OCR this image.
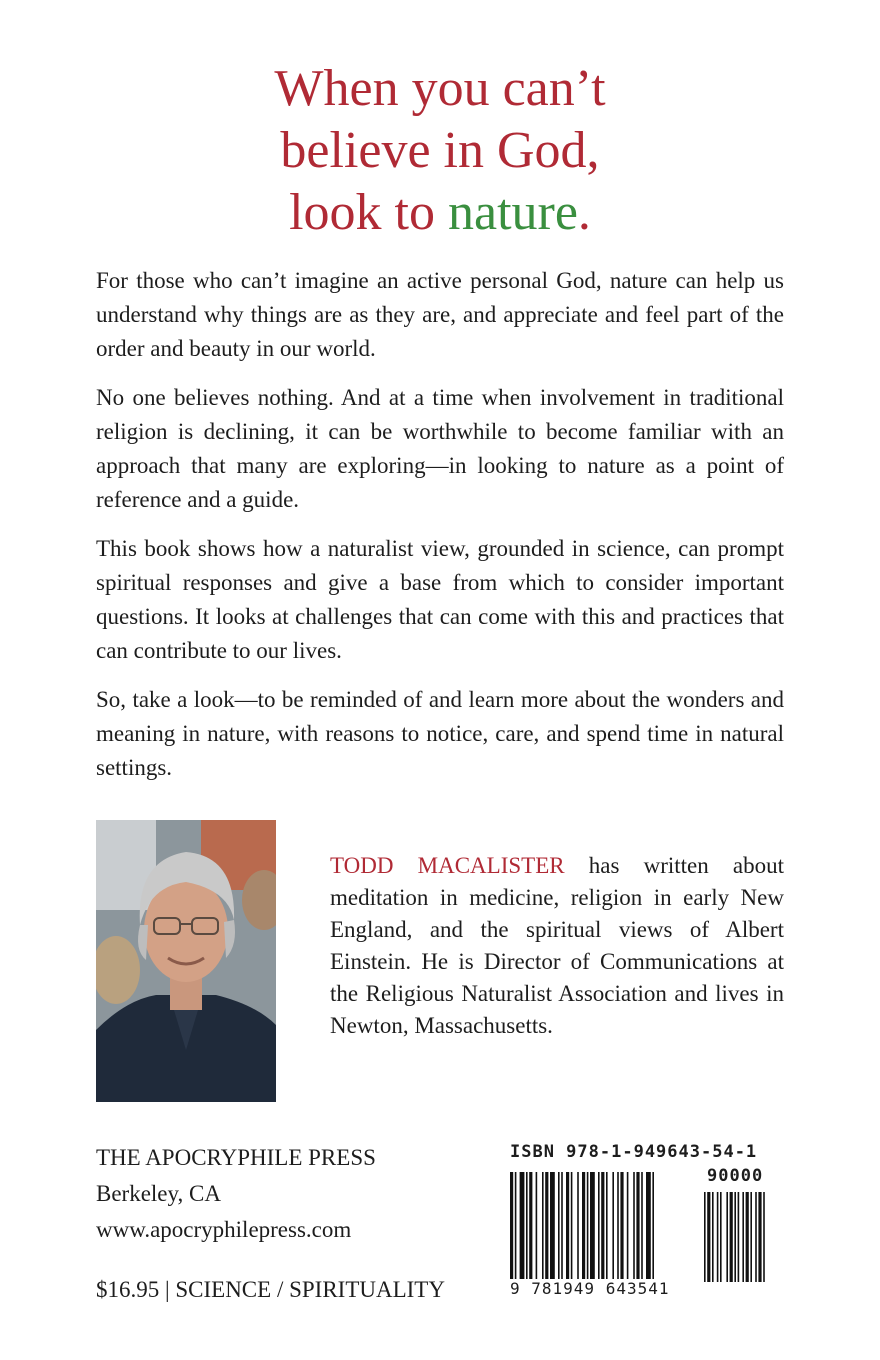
When you can’t
believe in God,
look to nature.

For those who can’t imagine an active personal God, nature can help us understand why things are as they are, and appreciate and feel part of the order and beauty in our world.

No one believes nothing. And at a time when involvement in traditional religion is declining, it can be worthwhile to become familiar with an approach that many are exploring—in looking to nature as a point of reference and a guide.

This book shows how a naturalist view, grounded in science, can prompt spiritual responses and give a base from which to consider important questions. It looks at challenges that can come with this and practices that can contribute to our lives.

So, take a look—to be reminded of and learn more about the wonders and meaning in nature, with reasons to notice, care, and spend time in natural settings.

TODD MACALISTER has written about meditation in medicine, religion in early New England, and the spiritual views of Albert Einstein. He is Director of Communications at the Religious Naturalist Association and lives in Newton, Massachusetts.
THE APOCRYPHILE PRESS
Berkeley, CA
www.apocryphilepress.com
$16.95 | SCIENCE / SPIRITUALITY
ISBN 978-1-949643-54-1
90000
9 781949 643541
